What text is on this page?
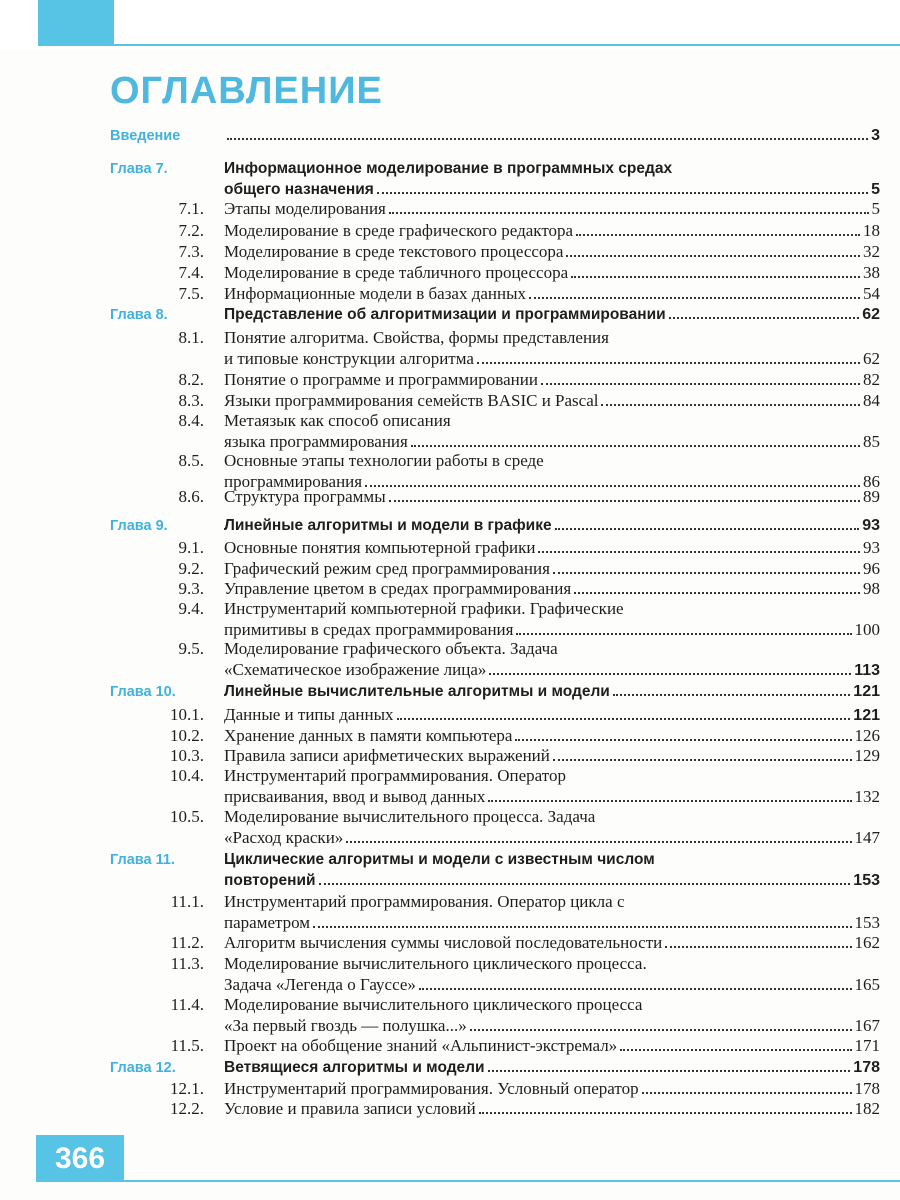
ОГЛАВЛЕНИЕ
Введение	3
Глава 7.	Информационное моделирование в программных средах
общего назначения	5
7.1. Этапы моделирования	5
7.2. Моделирование в среде графического редактора	18
7.3. Моделирование в среде текстового процессора	32
7.4. Моделирование в среде табличного процессора	38
7.5. Информационные модели в базах данных	54
Глава 8.	Представление об алгоритмизации и программировании	62
8.1. Понятие алгоритма. Свойства, формы представления
и типовые конструкции алгоритма	62
8.2. Понятие о программе и программировании	82
8.3. Языки программирования семейств BASIC и Pascal	84
8.4. Метаязык как способ описания
языка программирования	85
8.5. Основные этапы технологии работы в среде
программирования	86
8.6. Структура программы	89
Глава 9.	Линейные алгоритмы и модели в графике	93
9.1. Основные понятия компьютерной графики	93
9.2. Графический режим сред программирования	96
9.3. Управление цветом в средах программирования	98
9.4. Инструментарий компьютерной графики. Графические
примитивы в средах программирования	100
9.5. Моделирование графического объекта. Задача
«Схематическое изображение лица»	113
Глава 10.	Линейные вычислительные алгоритмы и модели	121
10.1. Данные и типы данных	121
10.2. Хранение данных в памяти компьютера	126
10.3. Правила записи арифметических выражений	129
10.4. Инструментарий программирования. Оператор
присваивания, ввод и вывод данных	132
10.5. Моделирование вычислительного процесса. Задача
«Расход краски»	147
Глава 11.	Циклические алгоритмы и модели с известным числом
повторений	153
11.1. Инструментарий программирования. Оператор цикла с
параметром	153
11.2. Алгоритм вычисления суммы числовой последовательности	162
11.3. Моделирование вычислительного циклического процесса.
Задача «Легенда о Гауссе»	165
11.4. Моделирование вычислительного циклического процесса
«За первый гвоздь — полушка...»	167
11.5. Проект на обобщение знаний «Альпинист-экстремал»	171
Глава 12.	Ветвящиеся алгоритмы и модели	178
12.1. Инструментарий программирования. Условный оператор	178
12.2. Условие и правила записи условий	182
366
